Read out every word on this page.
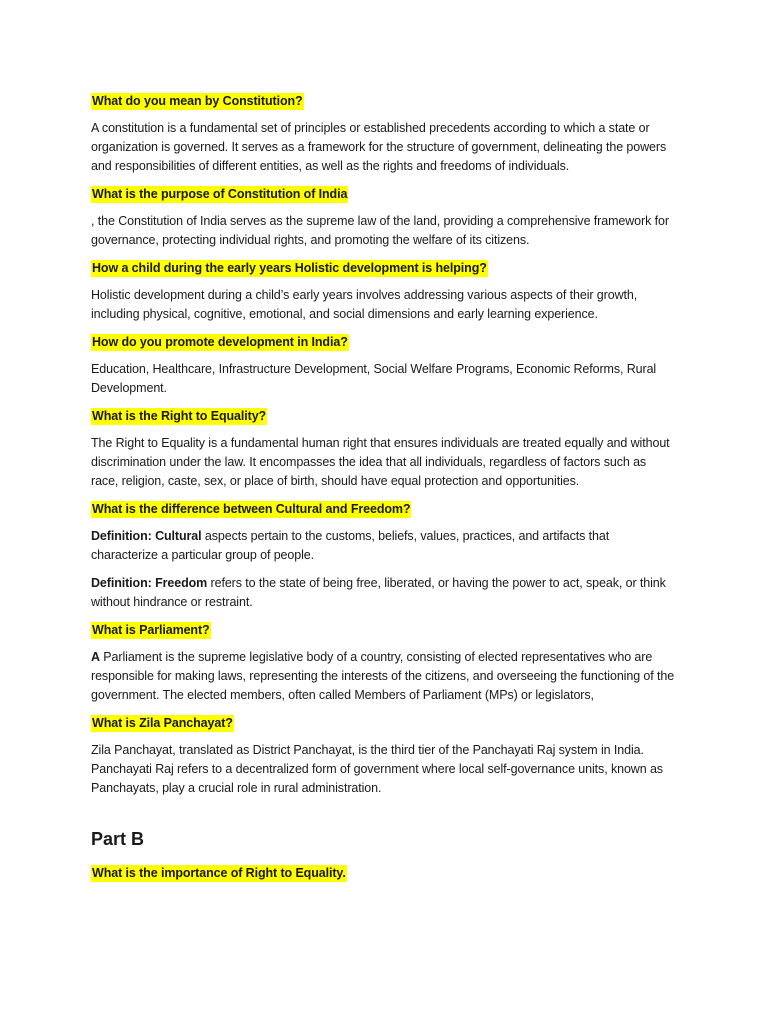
What do you mean by Constitution?

A constitution is a fundamental set of principles or established precedents according to which a state or organization is governed. It serves as a framework for the structure of government, delineating the powers and responsibilities of different entities, as well as the rights and freedoms of individuals.

What is the purpose of Constitution of India

, the Constitution of India serves as the supreme law of the land, providing a comprehensive framework for governance, protecting individual rights, and promoting the welfare of its citizens.

How a child during the early years Holistic development is helping?

Holistic development during a child’s early years involves addressing various aspects of their growth, including physical, cognitive, emotional, and social dimensions and early learning experience.

How do you promote development in India?

Education, Healthcare, Infrastructure Development, Social Welfare Programs, Economic Reforms, Rural Development.

What is the Right to Equality?

The Right to Equality is a fundamental human right that ensures individuals are treated equally and without discrimination under the law. It encompasses the idea that all individuals, regardless of factors such as race, religion, caste, sex, or place of birth, should have equal protection and opportunities.

What is the difference between Cultural and Freedom?

Definition: Cultural aspects pertain to the customs, beliefs, values, practices, and artifacts that characterize a particular group of people.

Definition: Freedom refers to the state of being free, liberated, or having the power to act, speak, or think without hindrance or restraint.

What is Parliament?

A Parliament is the supreme legislative body of a country, consisting of elected representatives who are responsible for making laws, representing the interests of the citizens, and overseeing the functioning of the government. The elected members, often called Members of Parliament (MPs) or legislators,

What is Zila Panchayat?

Zila Panchayat, translated as District Panchayat, is the third tier of the Panchayati Raj system in India. Panchayati Raj refers to a decentralized form of government where local self-governance units, known as Panchayats, play a crucial role in rural administration.

Part B
What is the importance of Right to Equality.
